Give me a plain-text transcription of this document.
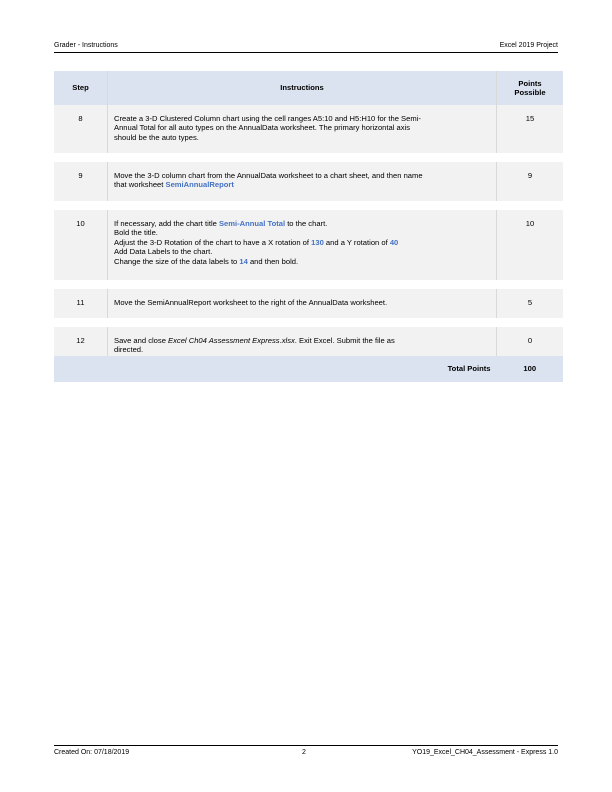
Grader - Instructions	Excel 2019 Project
Step	Instructions	Points
Possible
8	Create a 3-D Clustered Column chart using the cell ranges A5:10 and H5:H10 for the Semi-
Annual Total for all auto types on the AnnualData worksheet. The primary horizontal axis
should be the auto types.	15

9	Move the 3-D column chart from the AnnualData worksheet to a chart sheet, and then name
that worksheet SemiAnnualReport	9

10	If necessary, add the chart title Semi-Annual Total to the chart.
Bold the title.
Adjust the 3-D Rotation of the chart to have a X rotation of 130 and a Y rotation of 40
Add Data Labels to the chart.
Change the size of the data labels to 14 and then bold.	10

11	Move the SemiAnnualReport worksheet to the right of the AnnualData worksheet.	5

12	Save and close Excel Ch04 Assessment Express.xlsx. Exit Excel. Submit the file as
directed.	0
	Total Points	100
Created On: 07/18/2019	2	YO19_Excel_CH04_Assessment - Express 1.0
